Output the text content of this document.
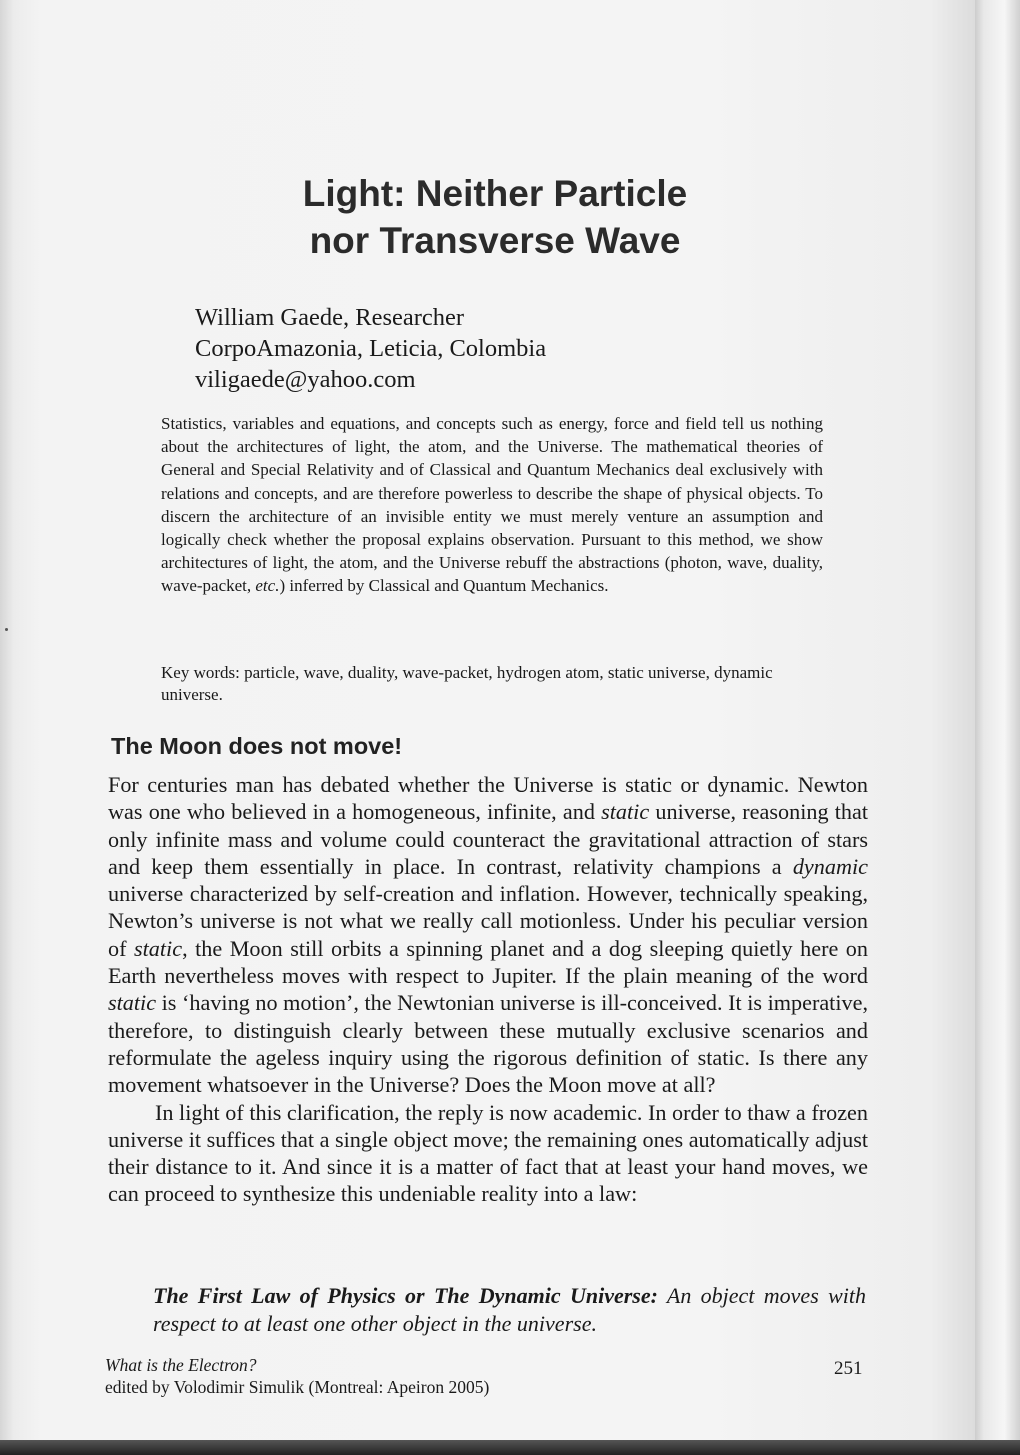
Light: Neither Particle
nor Transverse Wave
William Gaede, Researcher
CorpoAmazonia, Leticia, Colombia
viligaede@yahoo.com
Statistics, variables and equations, and concepts such as energy, force and field tell us nothing about the architectures of light, the atom, and the Universe. The mathematical theories of General and Special Relativity and of Classical and Quantum Mechanics deal exclusively with relations and concepts, and are therefore powerless to describe the shape of physical objects. To discern the architecture of an invisible entity we must merely venture an assumption and logically check whether the proposal explains observation. Pursuant to this method, we show architectures of light, the atom, and the Universe rebuff the abstractions (photon, wave, duality, wave-packet, etc.) inferred by Classical and Quantum Mechanics.
Key words: particle, wave, duality, wave-packet, hydrogen atom, static universe, dynamic universe.
The Moon does not move!

For centuries man has debated whether the Universe is static or dynamic. Newton was one who believed in a homogeneous, infinite, and static universe, reasoning that only infinite mass and volume could counteract the gravitational attraction of stars and keep them essentially in place. In contrast, relativity champions a dynamic universe characterized by self-creation and inflation. However, technically speaking, Newton’s universe is not what we really call motionless. Under his peculiar version of static, the Moon still orbits a spinning planet and a dog sleeping quietly here on Earth nevertheless moves with respect to Jupiter. If the plain meaning of the word static is ‘having no motion’, the Newtonian universe is ill-conceived. It is imperative, therefore, to distinguish clearly between these mutually exclusive scenarios and reformulate the ageless inquiry using the rigorous definition of static. Is there any movement whatsoever in the Universe? Does the Moon move at all?

In light of this clarification, the reply is now academic. In order to thaw a frozen universe it suffices that a single object move; the remaining ones automatically adjust their distance to it. And since it is a matter of fact that at least your hand moves, we can proceed to synthesize this undeniable reality into a law:

The First Law of Physics or The Dynamic Universe: An object moves with respect to at least one other object in the universe.
What is the Electron?
edited by Volodimir Simulik (Montreal: Apeiron 2005)
251
